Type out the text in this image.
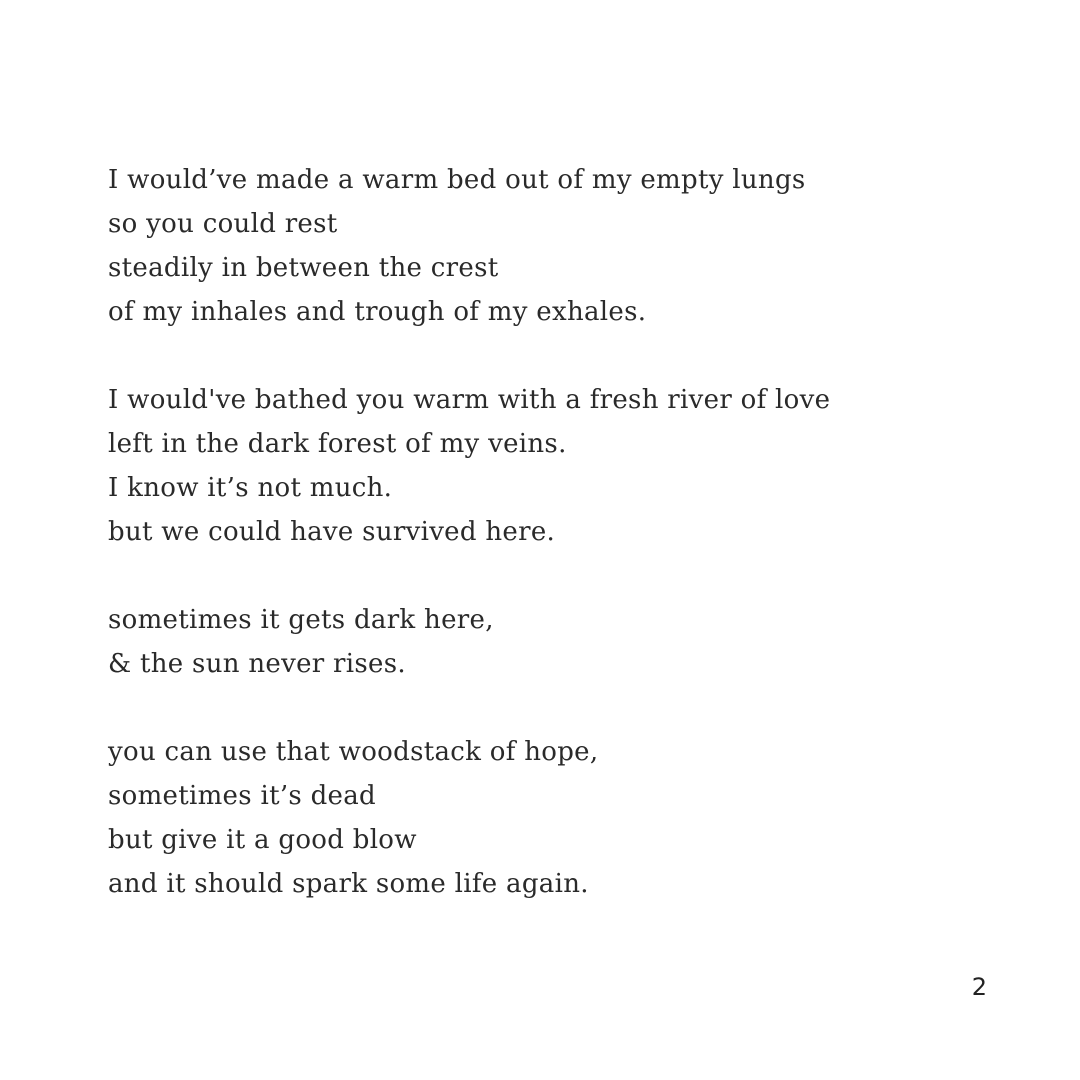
I would’ve made a warm bed out of my empty lungs
so you could rest
steadily in between the crest
of my inhales and trough of my exhales.
I would've bathed you warm with a fresh river of love
left in the dark forest of my veins.
I know it’s not much.
but we could have survived here.
sometimes it gets dark here,
& the sun never rises.
you can use that woodstack of hope,
sometimes it’s dead
but give it a good blow
and it should spark some life again.
2
